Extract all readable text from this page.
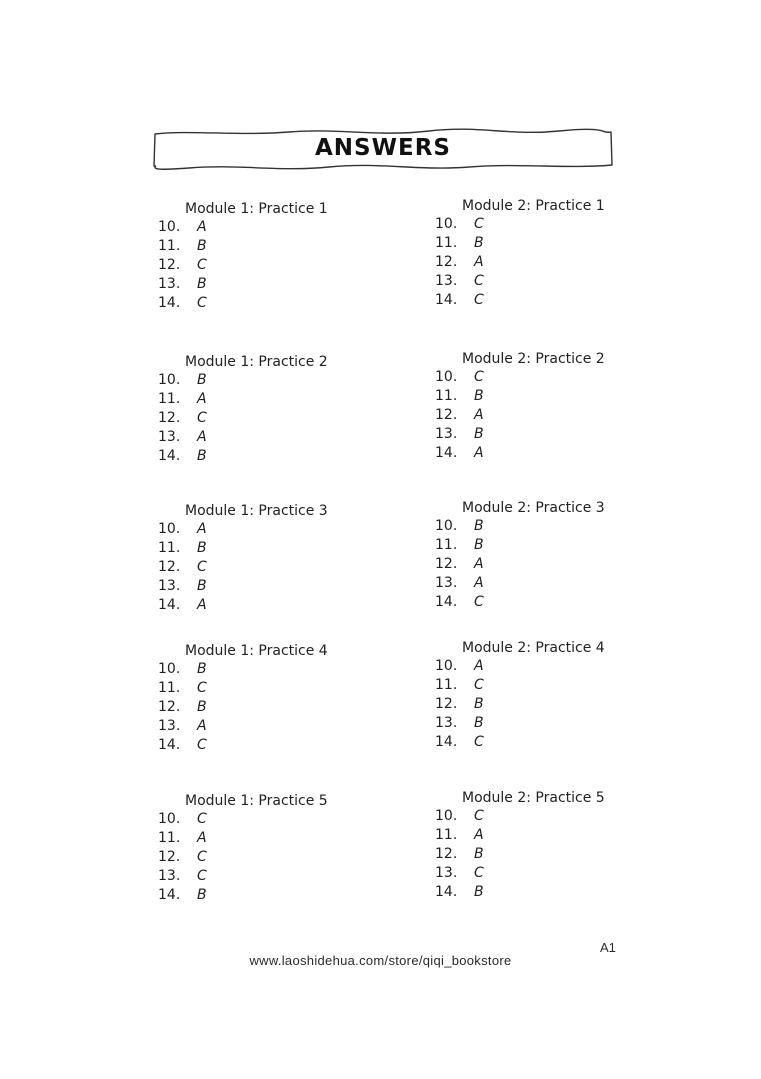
ANSWERS
Module 1: Practice 1
10.	A
11.	B
12.	C
13.	B
14.	C
Module 1: Practice 2
10.	B
11.	A
12.	C
13.	A
14.	B
Module 1: Practice 3
10.	A
11.	B
12.	C
13.	B
14.	A
Module 1: Practice 4
10.	B
11.	C
12.	B
13.	A
14.	C
Module 1: Practice 5
10.	C
11.	A
12.	C
13.	C
14.	B
Module 2: Practice 1
10.	C
11.	B
12.	A
13.	C
14.	C
Module 2: Practice 2
10.	C
11.	B
12.	A
13.	B
14.	A
Module 2: Practice 3
10.	B
11.	B
12.	A
13.	A
14.	C
Module 2: Practice 4
10.	A
11.	C
12.	B
13.	B
14.	C
Module 2: Practice 5
10.	C
11.	A
12.	B
13.	C
14.	B
A1
www.laoshidehua.com/store/qiqi_bookstore
